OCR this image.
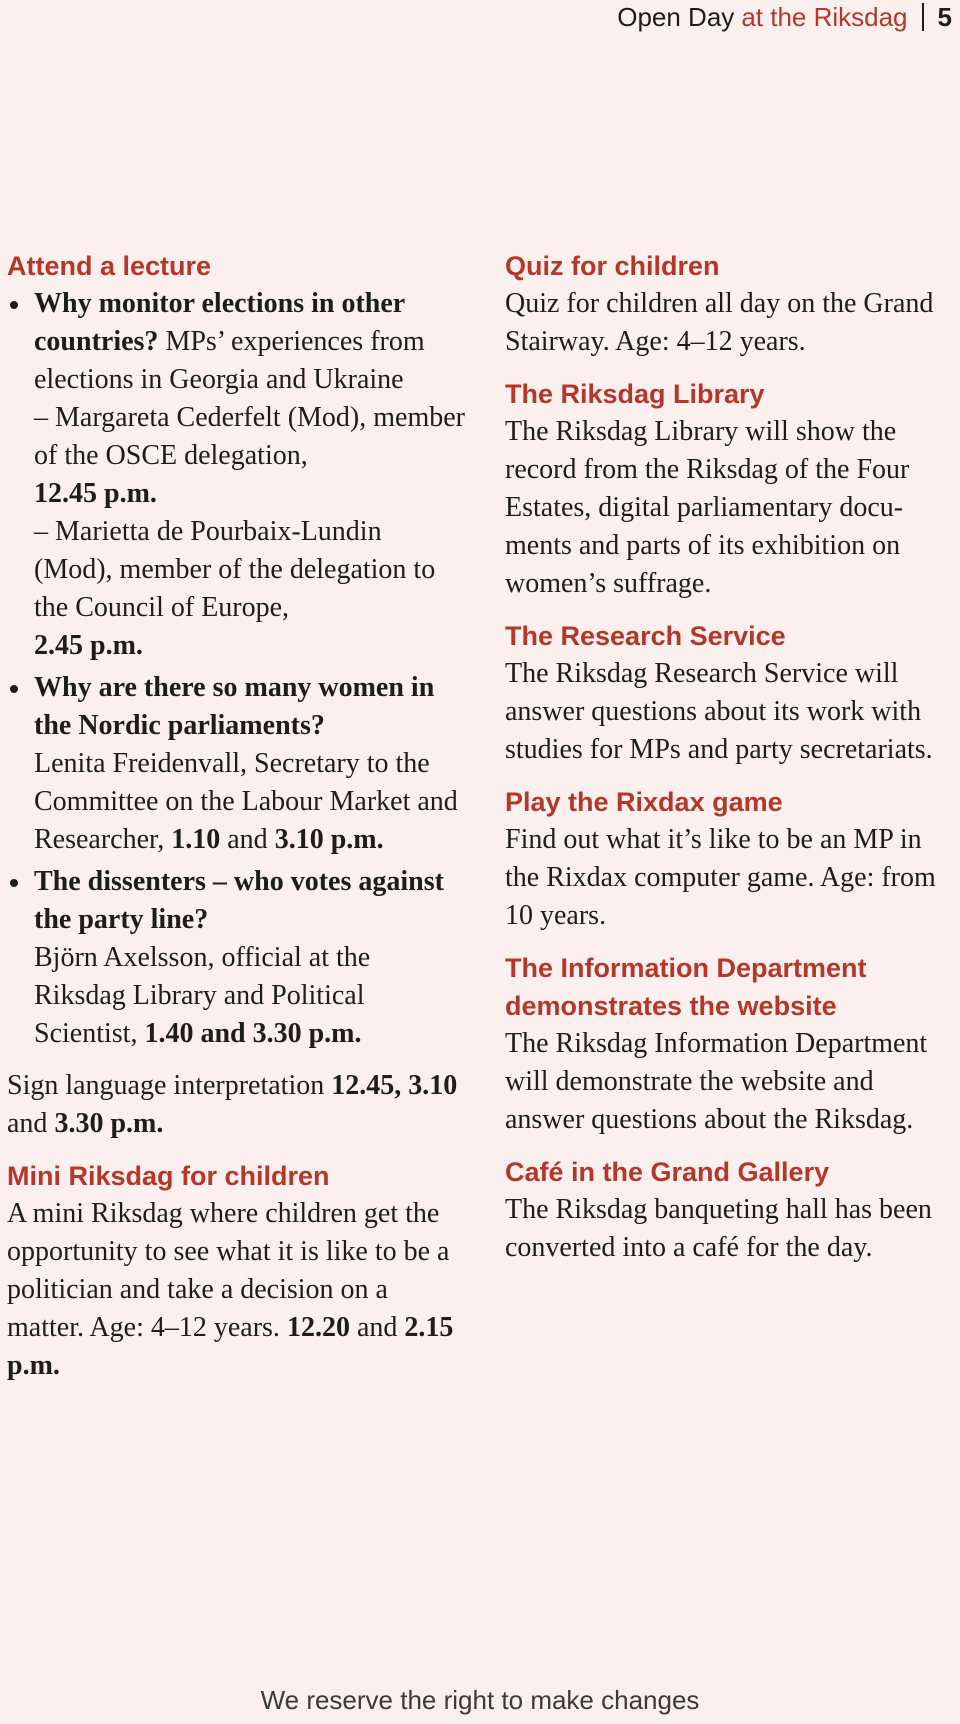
Open Day at the Riksdag 5
Attend a lecture
Why monitor elections in other countries? MPs’ experiences from elections in Georgia and Ukraine
– Margareta Cederfelt (Mod), member of the OSCE delegation,
12.45 p.m.
– Marietta de Pourbaix-Lundin (Mod), member of the delegation to the Council of Europe,
2.45 p.m.
Why are there so many women in the Nordic parliaments?
Lenita Freidenvall, Secretary to the Committee on the Labour Market and Researcher, 1.10 and 3.10 p.m.
The dissenters – who votes against the party line?
Björn Axelsson, official at the Riksdag Library and Political Scientist, 1.40 and 3.30 p.m.

Sign language interpretation 12.45, 3.10 and 3.30 p.m.

Mini Riksdag for children

A mini Riksdag where children get the opportunity to see what it is like to be a politician and take a decision on a matter. Age: 4–12 years. 12.20 and 2.15 p.m.

Quiz for children

Quiz for children all day on the Grand Stairway. Age: 4–12 years.

The Riksdag Library

The Riksdag Library will show the record from the Riksdag of the Four Estates, digital parliamentary documents and parts of its exhibition on women’s suffrage.

The Research Service

The Riksdag Research Service will answer questions about its work with studies for MPs and party secretariats.

Play the Rixdax game

Find out what it’s like to be an MP in the Rixdax computer game. Age: from 10 years.

The Information Department demonstrates the website

The Riksdag Information Department will demonstrate the website and answer questions about the Riksdag.

Café in the Grand Gallery

The Riksdag banqueting hall has been converted into a café for the day.

We reserve the right to make changes
